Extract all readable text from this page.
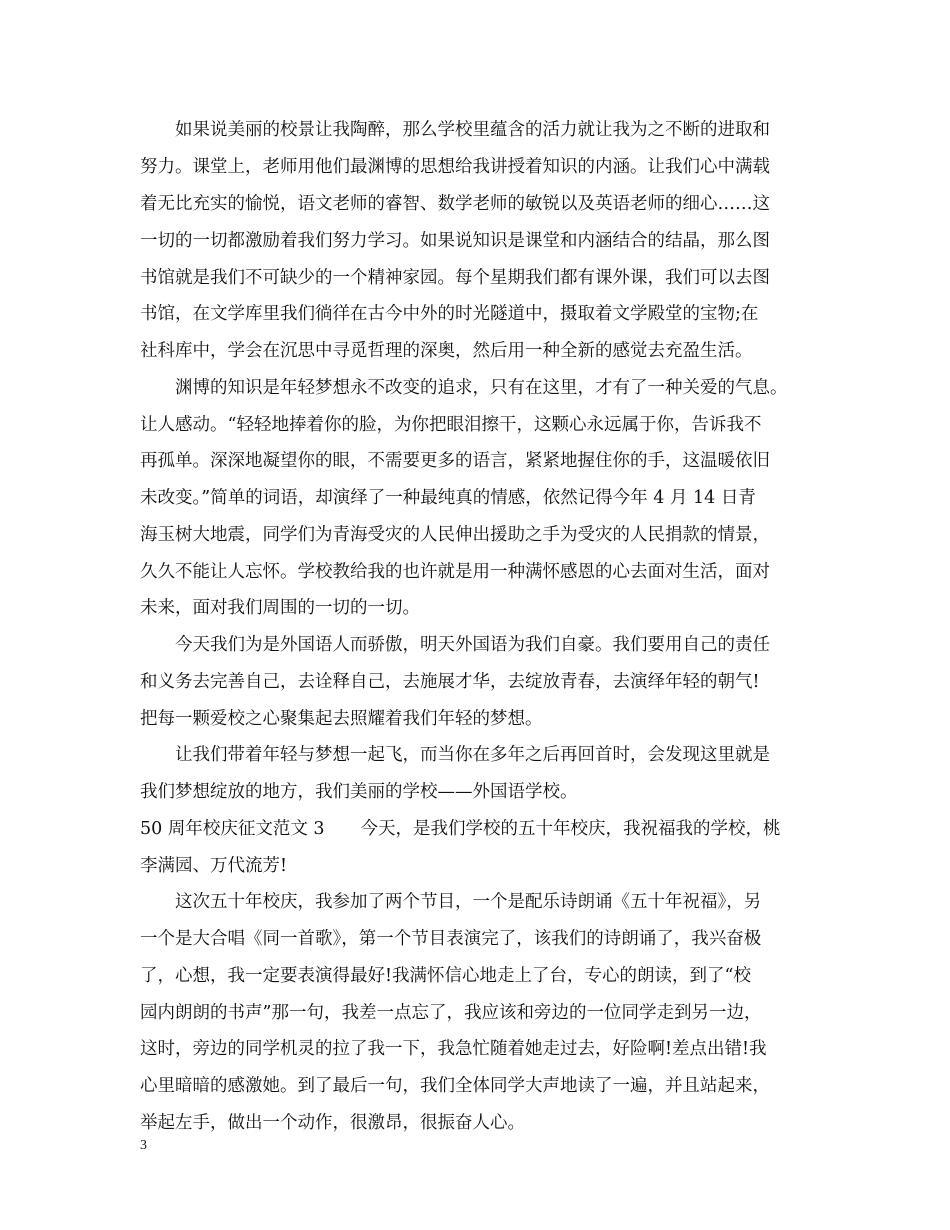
如果说美丽的校景让我陶醉，那么学校里蕴含的活力就让我为之不断的进取和
努力。课堂上，老师用他们最渊博的思想给我讲授着知识的内涵。让我们心中满载
着无比充实的愉悦，语文老师的睿智、数学老师的敏锐以及英语老师的细心……这
一切的一切都激励着我们努力学习。如果说知识是课堂和内涵结合的结晶，那么图
书馆就是我们不可缺少的一个精神家园。每个星期我们都有课外课，我们可以去图
书馆，在文学库里我们徜徉在古今中外的时光隧道中，摄取着文学殿堂的宝物;在
社科库中，学会在沉思中寻觅哲理的深奥，然后用一种全新的感觉去充盈生活。
渊博的知识是年轻梦想永不改变的追求，只有在这里，才有了一种关爱的气息。
让人感动。“轻轻地捧着你的脸，为你把眼泪擦干，这颗心永远属于你，告诉我不
再孤单。深深地凝望你的眼，不需要更多的语言，紧紧地握住你的手，这温暖依旧
未改变。”简单的词语，却演绎了一种最纯真的情感，依然记得今年 4 月 14 日青
海玉树大地震，同学们为青海受灾的人民伸出援助之手为受灾的人民捐款的情景，
久久不能让人忘怀。学校教给我的也许就是用一种满怀感恩的心去面对生活，面对
未来，面对我们周围的一切的一切。
今天我们为是外国语人而骄傲，明天外国语为我们自豪。我们要用自己的责任
和义务去完善自己，去诠释自己，去施展才华，去绽放青春，去演绎年轻的朝气!
把每一颗爱校之心聚集起去照耀着我们年轻的梦想。
让我们带着年轻与梦想一起飞，而当你在多年之后再回首时，会发现这里就是
我们梦想绽放的地方，我们美丽的学校——外国语学校。
50 周年校庆征文范文 3 今天，是我们学校的五十年校庆，我祝福我的学校，桃
李满园、万代流芳!
这次五十年校庆，我参加了两个节目，一个是配乐诗朗诵《五十年祝福》，另
一个是大合唱《同一首歌》，第一个节目表演完了，该我们的诗朗诵了，我兴奋极
了，心想，我一定要表演得最好!我满怀信心地走上了台，专心的朗读，到了“校
园内朗朗的书声”那一句，我差一点忘了，我应该和旁边的一位同学走到另一边，
这时，旁边的同学机灵的拉了我一下，我急忙随着她走过去，好险啊!差点出错!我
心里暗暗的感激她。到了最后一句，我们全体同学大声地读了一遍，并且站起来，
举起左手，做出一个动作，很激昂，很振奋人心。
3
